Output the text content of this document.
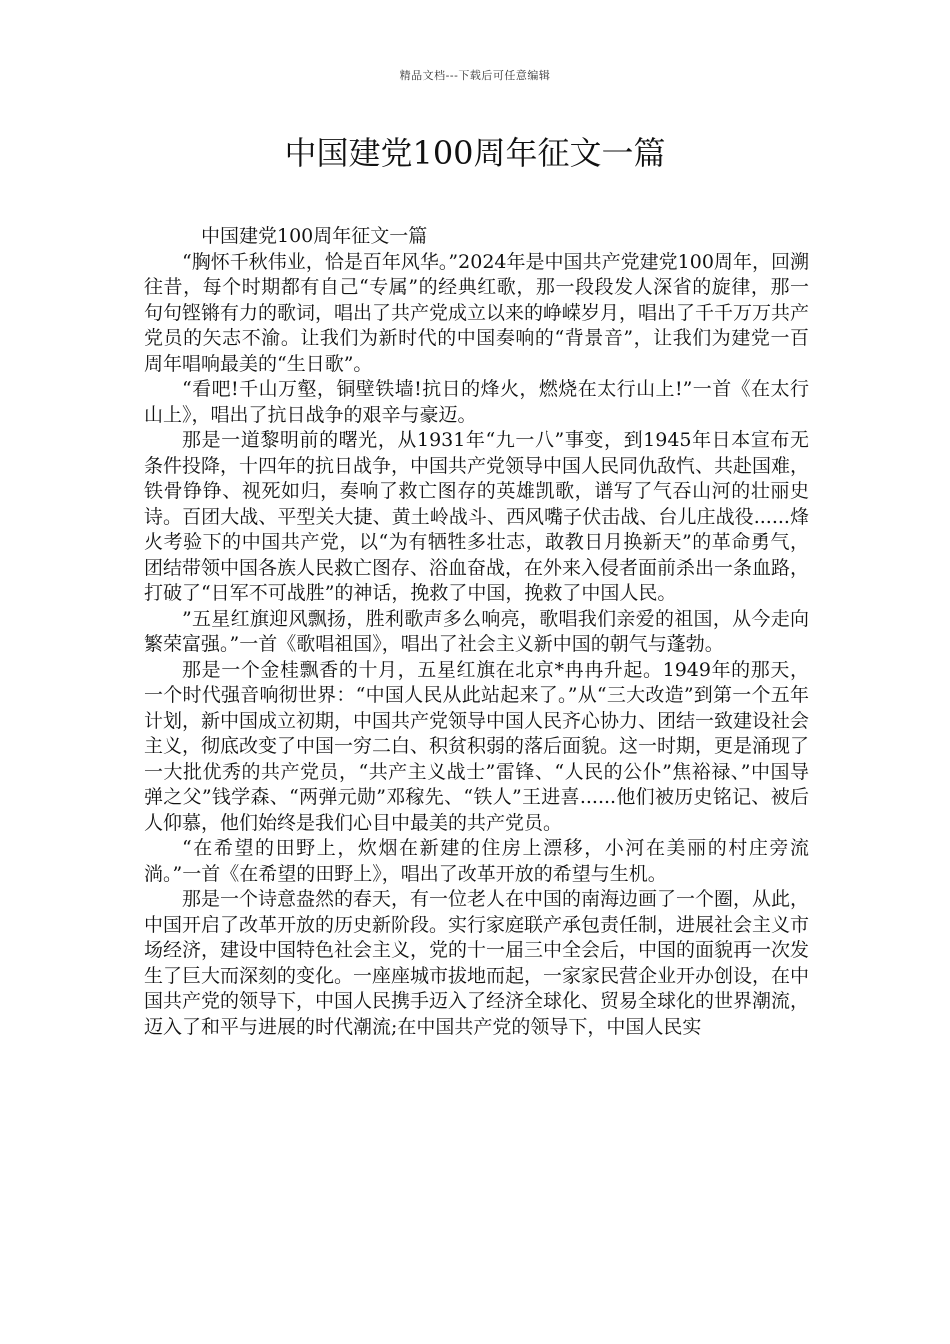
精品文档---下载后可任意编辑
中国建党100周年征文一篇

中国建党100周年征文一篇

“胸怀千秋伟业，恰是百年风华。”2024年是中国共产党建党100周年，回溯往昔，每个时期都有自己“专属”的经典红歌，那一段段发人深省的旋律，那一句句铿锵有力的歌词，唱出了共产党成立以来的峥嵘岁月，唱出了千千万万共产党员的矢志不渝。让我们为新时代的中国奏响的“背景音”，让我们为建党一百周年唱响最美的“生日歌”。

“看吧!千山万壑，铜壁铁墙!抗日的烽火，燃烧在太行山上!”一首《在太行山上》，唱出了抗日战争的艰辛与豪迈。

那是一道黎明前的曙光，从1931年“九一八”事变，到1945年日本宣布无条件投降，十四年的抗日战争，中国共产党领导中国人民同仇敌忾、共赴国难，铁骨铮铮、视死如归，奏响了救亡图存的英雄凯歌，谱写了气吞山河的壮丽史诗。百团大战、平型关大捷、黄土岭战斗、西风嘴子伏击战、台儿庄战役......烽火考验下的中国共产党，以“为有牺牲多壮志，敢教日月换新天”的革命勇气，团结带领中国各族人民救亡图存、浴血奋战，在外来入侵者面前杀出一条血路，打破了“日军不可战胜”的神话，挽救了中国，挽救了中国人民。

”五星红旗迎风飘扬，胜利歌声多么响亮，歌唱我们亲爱的祖国，从今走向繁荣富强。”一首《歌唱祖国》，唱出了社会主义新中国的朝气与蓬勃。

那是一个金桂飘香的十月，五星红旗在北京*冉冉升起。1949年的那天，一个时代强音响彻世界：“中国人民从此站起来了。”从“三大改造”到第一个五年计划，新中国成立初期，中国共产党领导中国人民齐心协力、团结一致建设社会主义，彻底改变了中国一穷二白、积贫积弱的落后面貌。这一时期，更是涌现了一大批优秀的共产党员，“共产主义战士”雷锋、“人民的公仆”焦裕禄、”中国导弹之父”钱学森、“两弹元勋”邓稼先、“铁人”王进喜......他们被历史铭记、被后人仰慕，他们始终是我们心目中最美的共产党员。

“在希望的田野上，炊烟在新建的住房上漂移，小河在美丽的村庄旁流淌。”一首《在希望的田野上》，唱出了改革开放的希望与生机。

那是一个诗意盎然的春天，有一位老人在中国的南海边画了一个圈，从此，中国开启了改革开放的历史新阶段。实行家庭联产承包责任制，进展社会主义市场经济，建设中国特色社会主义，党的十一届三中全会后，中国的面貌再一次发生了巨大而深刻的变化。一座座城市拔地而起，一家家民营企业开办创设，在中国共产党的领导下，中国人民携手迈入了经济全球化、贸易全球化的世界潮流，迈入了和平与进展的时代潮流;在中国共产党的领导下，中国人民实
